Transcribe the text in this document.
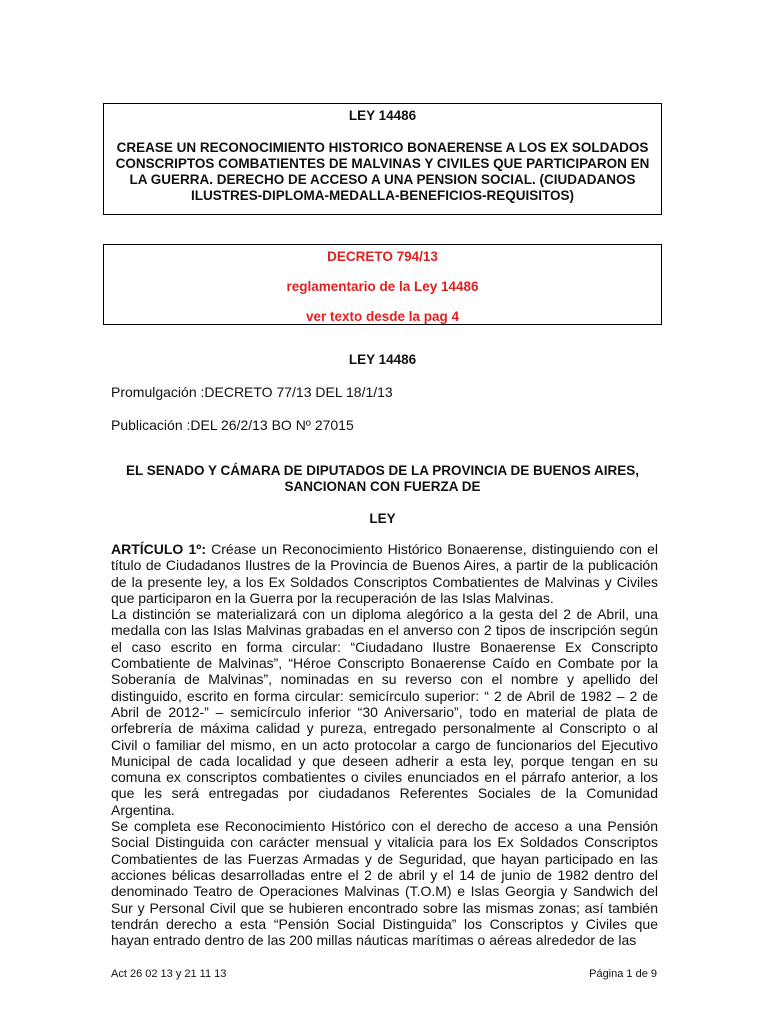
LEY 14486

CREASE UN RECONOCIMIENTO HISTORICO BONAERENSE A LOS EX SOLDADOS CONSCRIPTOS COMBATIENTES DE MALVINAS Y CIVILES QUE PARTICIPARON EN LA GUERRA. DERECHO DE ACCESO A UNA PENSION SOCIAL. (CIUDADANOS ILUSTRES-DIPLOMA-MEDALLA-BENEFICIOS-REQUISITOS)

DECRETO 794/13

reglamentario de la Ley 14486

ver texto desde la pag 4

LEY 14486
Promulgación :DECRETO 77/13 DEL 18/1/13
Publicación :DEL 26/2/13 BO Nº 27015
EL SENADO Y CÁMARA DE DIPUTADOS DE LA PROVINCIA DE BUENOS AIRES,
SANCIONAN CON FUERZA DE
LEY

ARTÍCULO 1º: Créase un Reconocimiento Histórico Bonaerense, distinguiendo con el título de Ciudadanos Ilustres de la Provincia de Buenos Aires, a partir de la publicación de la presente ley, a los Ex Soldados Conscriptos Combatientes de Malvinas y Civiles que participaron en la Guerra por la recuperación de las Islas Malvinas.

La distinción se materializará con un diploma alegórico a la gesta del 2 de Abril, una medalla con las Islas Malvinas grabadas en el anverso con 2 tipos de inscripción según el caso escrito en forma circular: “Ciudadano Ilustre Bonaerense Ex Conscripto Combatiente de Malvinas”, “Héroe Conscripto Bonaerense Caído en Combate por la Soberanía de Malvinas”, nominadas en su reverso con el nombre y apellido del distinguido, escrito en forma circular: semicírculo superior: “ 2 de Abril de 1982 – 2 de Abril de 2012-” – semicírculo inferior “30 Aniversario”, todo en material de plata de orfebrería de máxima calidad y pureza, entregado personalmente al Conscripto o al Civil o familiar del mismo, en un acto protocolar a cargo de funcionarios del Ejecutivo Municipal de cada localidad y que deseen adherir a esta ley, porque tengan en su comuna ex conscriptos combatientes o civiles enunciados en el párrafo anterior, a los que les será entregadas por ciudadanos Referentes Sociales de la Comunidad Argentina.

Se completa ese Reconocimiento Histórico con el derecho de acceso a una Pensión Social Distinguida con carácter mensual y vitalicia para los Ex Soldados Conscriptos Combatientes de las Fuerzas Armadas y de Seguridad, que hayan participado en las acciones bélicas desarrolladas entre el 2 de abril y el 14 de junio de 1982 dentro del denominado Teatro de Operaciones Malvinas (T.O.M) e Islas Georgia y Sandwich del Sur y Personal Civil que se hubieren encontrado sobre las mismas zonas; así también tendrán derecho a esta “Pensión Social Distinguida” los Conscriptos y Civiles que hayan entrado dentro de las 200 millas náuticas marítimas o aéreas alrededor de las

Act 26 02 13 y 21 11 13	Página 1 de 9
